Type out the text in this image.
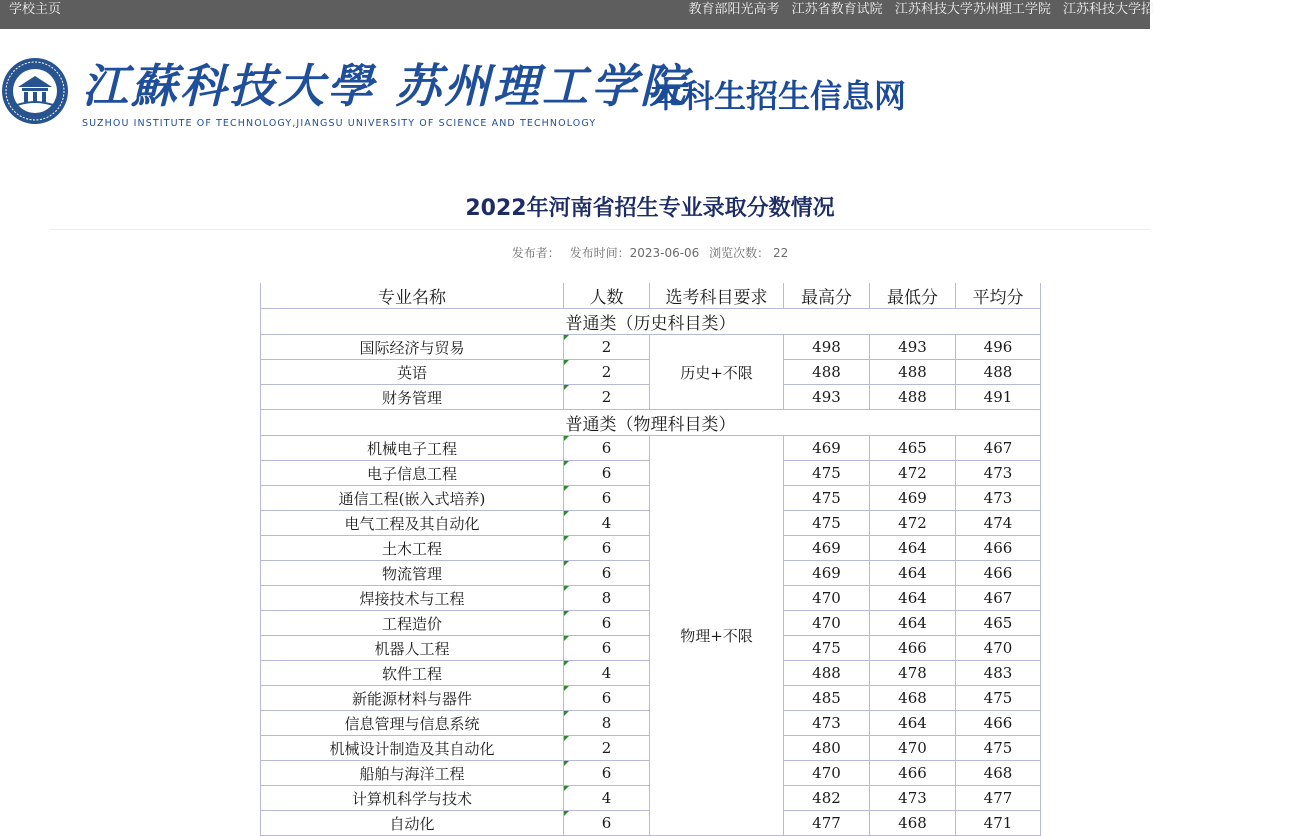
学校主页	教育部阳光高考 江苏省教育试院 江苏科技大学苏州理工学院 江苏科技大学招
江蘇科技大學 苏州理工学院
SUZHOU INSTITUTE OF TECHNOLOGY,JIANGSU UNIVERSITY OF SCIENCE AND TECHNOLOGY
本科生招生信息网
2022年河南省招生专业录取分数情况
发布者： 发布时间：2023-06-06 浏览次数： 22
专业名称	人数	选考科目要求	最高分	最低分	平均分
普通类（历史科目类）					
国际经济与贸易	2	历史+不限	498	493	496
英语	2		488	488	488
财务管理	2		493	488	491
普通类（物理科目类）					
机械电子工程	6	物理+不限	469	465	467
电子信息工程	6		475	472	473
通信工程(嵌入式培养)	6		475	469	473
电气工程及其自动化	4		475	472	474
土木工程	6		469	464	466
物流管理	6		469	464	466
焊接技术与工程	8		470	464	467
工程造价	6		470	464	465
机器人工程	6		475	466	470
软件工程	4		488	478	483
新能源材料与器件	6		485	468	475
信息管理与信息系统	8		473	464	466
机械设计制造及其自动化	2		480	470	475
船舶与海洋工程	6		470	466	468
计算机科学与技术	4		482	473	477
自动化	6		477	468	471
